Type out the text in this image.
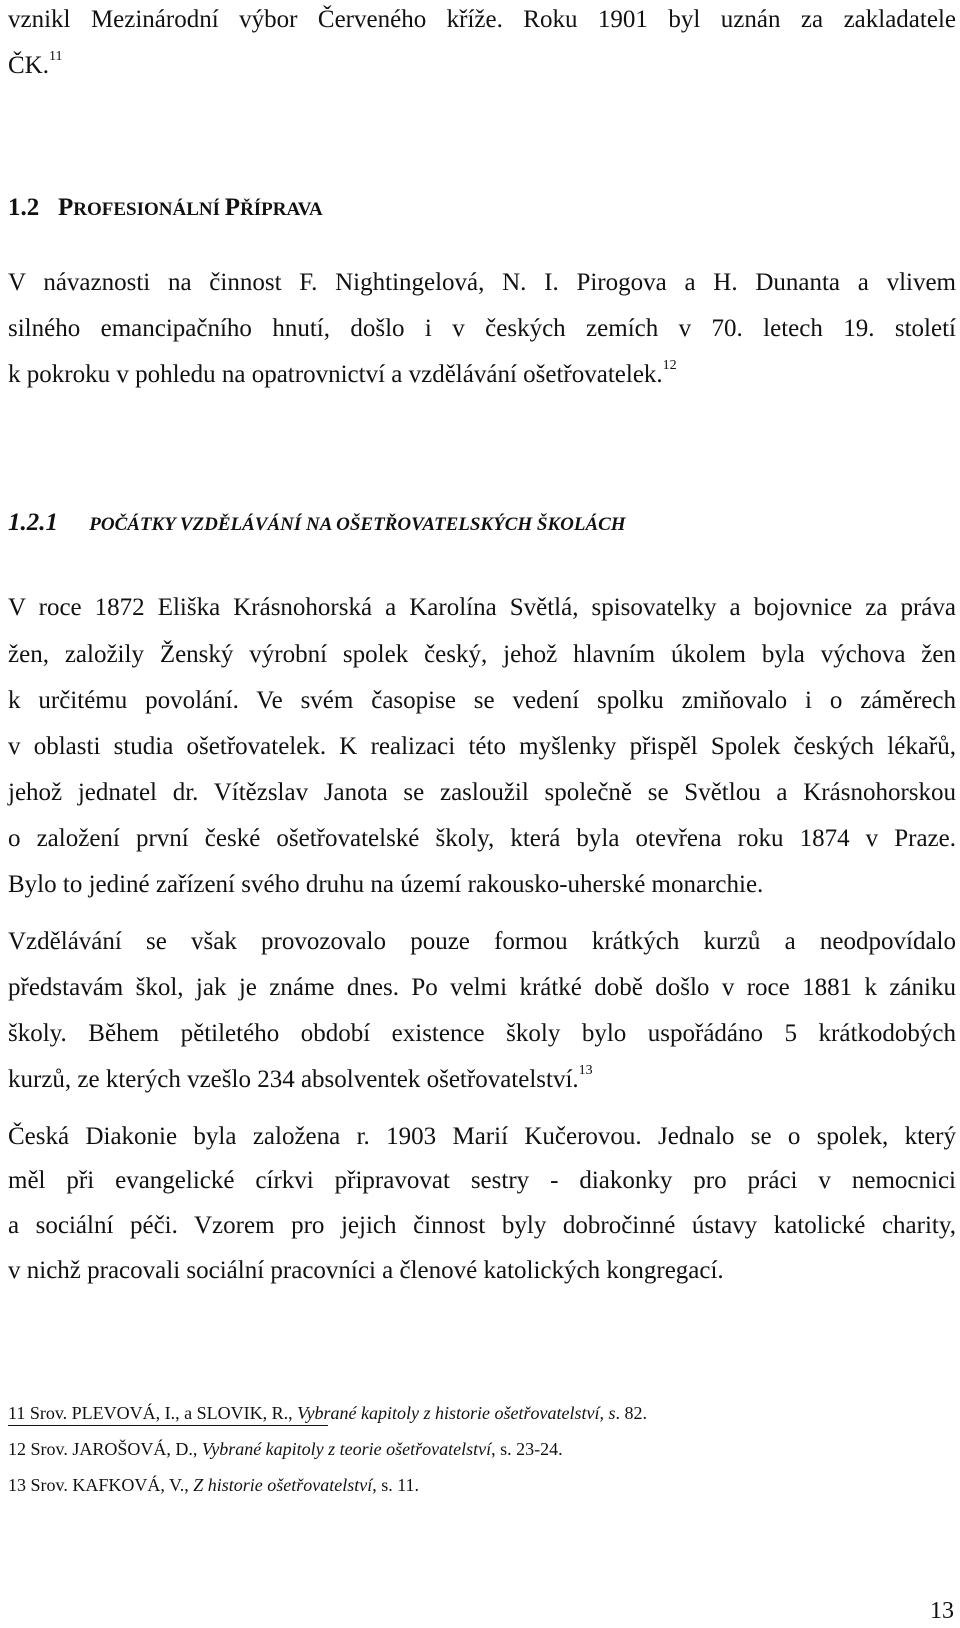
vznikl Mezinárodní výbor Červeného kříže. Roku 1901 byl uznán za zakladatele
ČK.$^{11}$
1.2 PROFESIONÁLNÍ PŘÍPRAVA
V návaznosti na činnost F. Nightingelová, N. I. Pirogova a H. Dunanta a vlivem
silného emancipačního hnutí, došlo i v českých zemích v 70. letech 19. století
k pokroku v pohledu na opatrovnictví a vzdělávání ošetřovatelek.$^{12}$
1.2.1 POČÁTKY VZDĚLÁVÁNÍ NA OŠETŘOVATELSKÝCH ŠKOLÁCH
V roce 1872 Eliška Krásnohorská a Karolína Světlá, spisovatelky a bojovnice za práva
žen, založily Ženský výrobní spolek český, jehož hlavním úkolem byla výchova žen
k určitému povolání. Ve svém časopise se vedení spolku zmiňovalo i o záměrech
v oblasti studia ošetřovatelek. K realizaci této myšlenky přispěl Spolek českých lékařů,
jehož jednatel dr. Vítězslav Janota se zasloužil společně se Světlou a Krásnohorskou
o založení první české ošetřovatelské školy, která byla otevřena roku 1874 v Praze.
Bylo to jediné zařízení svého druhu na území rakousko-uherské monarchie.
Vzdělávání se však provozovalo pouze formou krátkých kurzů a neodpovídalo
představám škol, jak je známe dnes. Po velmi krátké době došlo v roce 1881 k zániku
školy. Během pětiletého období existence školy bylo uspořádáno 5 krátkodobých
kurzů, ze kterých vzešlo 234 absolventek ošetřovatelství.$^{13}$
Česká Diakonie byla založena r. 1903 Marií Kučerovou. Jednalo se o spolek, který
měl při evangelické církvi připravovat sestry - diakonky pro práci v nemocnici
a sociální péči. Vzorem pro jejich činnost byly dobročinné ústavy katolické charity,
v nichž pracovali sociální pracovníci a členové katolických kongregací.
11 Srov. PLEVOVÁ, I., a SLOVIK, R., Vybrané kapitoly z historie ošetřovatelství, s. 82.
12 Srov. JAROŠOVÁ, D., Vybrané kapitoly z teorie ošetřovatelství, s. 23-24.
13 Srov. KAFKOVÁ, V., Z historie ošetřovatelství, s. 11.
13
